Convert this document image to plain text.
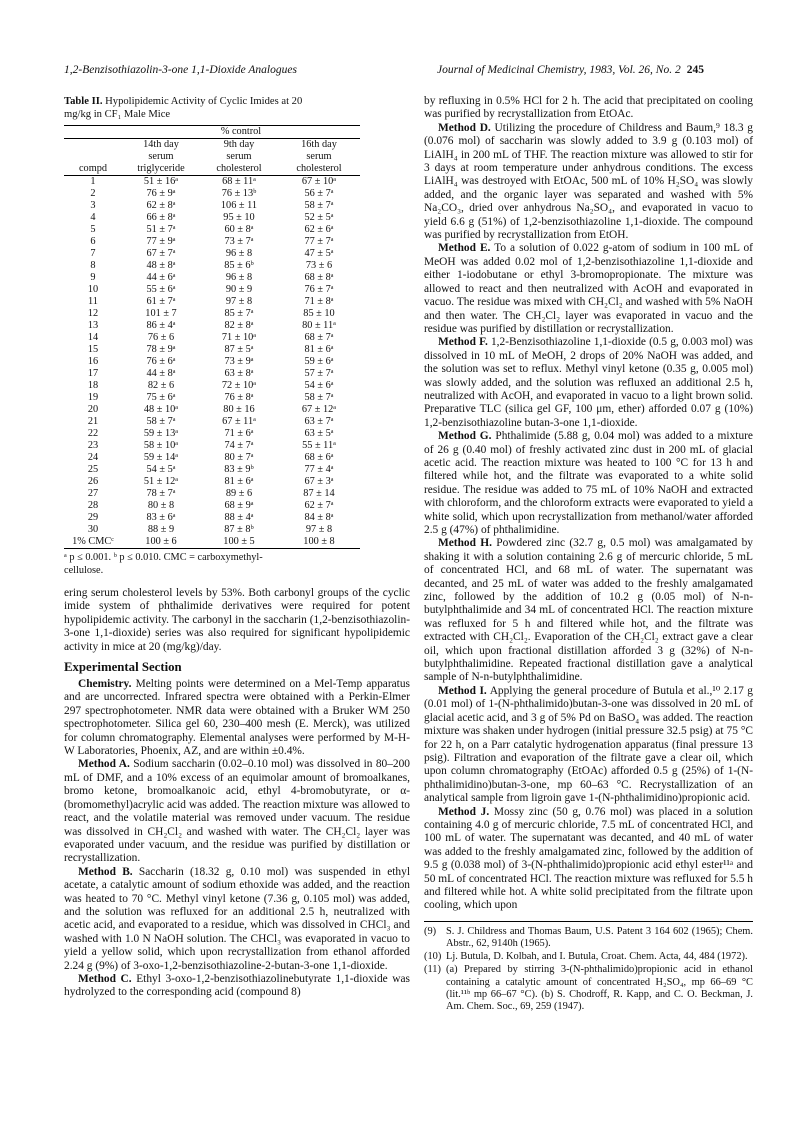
1,2-Benzisothiazolin-3-one 1,1-Dioxide Analogues	Journal of Medicinal Chemistry, 1983, Vol. 26, No. 2 245
Table II. Hypolipidemic Activity of Cyclic Imides at 20
mg/kg in CF₁ Male Mice

	% control		

	14th day	9th day	16th day
	serum	serum	serum
compd	triglyceride	cholesterol	cholesterol

1	51 ± 16ᵃ	68 ± 11ᵃ	67 ± 10ᵃ
2	76 ± 9ᵃ	76 ± 13ᵇ	56 ± 7ᵃ
3	62 ± 8ᵃ	106 ± 11	58 ± 7ᵃ
4	66 ± 8ᵃ	95 ± 10	52 ± 5ᵃ
5	51 ± 7ᵃ	60 ± 8ᵃ	62 ± 6ᵃ
6	77 ± 9ᵃ	73 ± 7ᵃ	77 ± 7ᵃ
7	67 ± 7ᵃ	96 ± 8	47 ± 5ᵃ
8	48 ± 8ᵃ	85 ± 6ᵇ	73 ± 6
9	44 ± 6ᵃ	96 ± 8	68 ± 8ᵃ
10	55 ± 6ᵃ	90 ± 9	76 ± 7ᵃ
11	61 ± 7ᵃ	97 ± 8	71 ± 8ᵃ
12	101 ± 7	85 ± 7ᵃ	85 ± 10
13	86 ± 4ᵃ	82 ± 8ᵃ	80 ± 11ᵃ
14	76 ± 6	71 ± 10ᵃ	68 ± 7ᵃ
15	78 ± 9ᵃ	87 ± 5ᵃ	81 ± 6ᵃ
16	76 ± 6ᵃ	73 ± 9ᵃ	59 ± 6ᵃ
17	44 ± 8ᵃ	63 ± 8ᵃ	57 ± 7ᵃ
18	82 ± 6	72 ± 10ᵃ	54 ± 6ᵃ
19	75 ± 6ᵃ	76 ± 8ᵃ	58 ± 7ᵃ
20	48 ± 10ᵃ	80 ± 16	67 ± 12ᵃ
21	58 ± 7ᵃ	67 ± 11ᵃ	63 ± 7ᵃ
22	59 ± 13ᵃ	71 ± 6ᵃ	63 ± 5ᵃ
23	58 ± 10ᵃ	74 ± 7ᵃ	55 ± 11ᵃ
24	59 ± 14ᵃ	80 ± 7ᵃ	68 ± 6ᵃ
25	54 ± 5ᵃ	83 ± 9ᵇ	77 ± 4ᵃ
26	51 ± 12ᵃ	81 ± 6ᵃ	67 ± 3ᵃ
27	78 ± 7ᵃ	89 ± 6	87 ± 14
28	80 ± 8	68 ± 9ᵃ	62 ± 7ᵃ
29	83 ± 6ᵃ	88 ± 4ᵃ	84 ± 8ᵃ
30	88 ± 9	87 ± 8ᵇ	97 ± 8
1% CMCᶜ	100 ± 6	100 ± 5	100 ± 8

ᵃ p ≤ 0.001. ᵇ p ≤ 0.010. CMC = carboxymethyl-
cellulose.

ering serum cholesterol levels by 53%. Both carbonyl groups of the cyclic imide system of phthalimide derivatives were required for potent hypolipidemic activity. The carbonyl in the saccharin (1,2-benzisothiazolin-3-one 1,1-dioxide) series was also required for significant hypolipidemic activity in mice at 20 (mg/kg)/day.

Experimental Section

Chemistry. Melting points were determined on a Mel-Temp apparatus and are uncorrected. Infrared spectra were obtained with a Perkin-Elmer 297 spectrophotometer. NMR data were obtained with a Bruker WM 250 spectrophotometer. Silica gel 60, 230–400 mesh (E. Merck), was utilized for column chromatography. Elemental analyses were performed by M-H-W Laboratories, Phoenix, AZ, and are within ±0.4%.

Method A. Sodium saccharin (0.02–0.10 mol) was dissolved in 80–200 mL of DMF, and a 10% excess of an equimolar amount of bromoalkanes, bromo ketone, bromoalkanoic acid, ethyl 4-bromobutyrate, or α-(bromomethyl)acrylic acid was added. The reaction mixture was allowed to react, and the volatile material was removed under vacuum. The residue was dissolved in CH₂Cl₂ and washed with water. The CH₂Cl₂ layer was evaporated under vacuum, and the residue was purified by distillation or recrystallization.

Method B. Saccharin (18.32 g, 0.10 mol) was suspended in ethyl acetate, a catalytic amount of sodium ethoxide was added, and the reaction was heated to 70 °C. Methyl vinyl ketone (7.36 g, 0.105 mol) was added, and the solution was refluxed for an additional 2.5 h, neutralized with acetic acid, and evaporated to a residue, which was dissolved in CHCl₃ and washed with 1.0 N NaOH solution. The CHCl₃ was evaporated in vacuo to yield a yellow solid, which upon recrystallization from ethanol afforded 2.24 g (9%) of 3-oxo-1,2-benzisothiazoline-2-butan-3-one 1,1-dioxide.

Method C. Ethyl 3-oxo-1,2-benzisothiazolinebutyrate 1,1-dioxide was hydrolyzed to the corresponding acid (compound 8)

by refluxing in 0.5% HCl for 2 h. The acid that precipitated on cooling was purified by recrystallization from EtOAc.

Method D. Utilizing the procedure of Childress and Baum,⁹ 18.3 g (0.076 mol) of saccharin was slowly added to 3.9 g (0.103 mol) of LiAlH₄ in 200 mL of THF. The reaction mixture was allowed to stir for 3 days at room temperature under anhydrous conditions. The excess LiAlH₄ was destroyed with EtOAc, 500 mL of 10% H₂SO₄ was slowly added, and the organic layer was separated and washed with 5% Na₂CO₃, dried over anhydrous Na₂SO₄, and evaporated in vacuo to yield 6.6 g (51%) of 1,2-benzisothiazoline 1,1-dioxide. The compound was purified by recrystallization from EtOH.

Method E. To a solution of 0.022 g-atom of sodium in 100 mL of MeOH was added 0.02 mol of 1,2-benzisothiazoline 1,1-dioxide and either 1-iodobutane or ethyl 3-bromopropionate. The mixture was allowed to react and then neutralized with AcOH and evaporated in vacuo. The residue was mixed with CH₂Cl₂ and washed with 5% NaOH and then water. The CH₂Cl₂ layer was evaporated in vacuo and the residue was purified by distillation or recrystallization.

Method F. 1,2-Benzisothiazoline 1,1-dioxide (0.5 g, 0.003 mol) was dissolved in 10 mL of MeOH, 2 drops of 20% NaOH was added, and the solution was set to reflux. Methyl vinyl ketone (0.35 g, 0.005 mol) was slowly added, and the solution was refluxed an additional 2.5 h, neutralized with AcOH, and evaporated in vacuo to a light brown solid. Preparative TLC (silica gel GF, 100 μm, ether) afforded 0.07 g (10%) 1,2-benzisothiazoline butan-3-one 1,1-dioxide.

Method G. Phthalimide (5.88 g, 0.04 mol) was added to a mixture of 26 g (0.40 mol) of freshly activated zinc dust in 200 mL of glacial acetic acid. The reaction mixture was heated to 100 °C for 13 h and filtered while hot, and the filtrate was evaporated to a white solid residue. The residue was added to 75 mL of 10% NaOH and extracted with chloroform, and the chloroform extracts were evaporated to yield a white solid, which upon recrystallization from methanol/water afforded 2.5 g (47%) of phthalimidine.

Method H. Powdered zinc (32.7 g, 0.5 mol) was amalgamated by shaking it with a solution containing 2.6 g of mercuric chloride, 5 mL of concentrated HCl, and 68 mL of water. The supernatant was decanted, and 25 mL of water was added to the freshly amalgamated zinc, followed by the addition of 10.2 g (0.05 mol) of N-n-butylphthalimide and 34 mL of concentrated HCl. The reaction mixture was refluxed for 5 h and filtered while hot, and the filtrate was extracted with CH₂Cl₂. Evaporation of the CH₂Cl₂ extract gave a clear oil, which upon fractional distillation afforded 3 g (32%) of N-n-butylphthalimidine. Repeated fractional distillation gave a analytical sample of N-n-butylphthalimidine.

Method I. Applying the general procedure of Butula et al.,¹⁰ 2.17 g (0.01 mol) of 1-(N-phthalimido)butan-3-one was dissolved in 20 mL of glacial acetic acid, and 3 g of 5% Pd on BaSO₄ was added. The reaction mixture was shaken under hydrogen (initial pressure 32.5 psig) at 75 °C for 22 h, on a Parr catalytic hydrogenation apparatus (final pressure 13 psig). Filtration and evaporation of the filtrate gave a clear oil, which upon column chromatography (EtOAc) afforded 0.5 g (25%) of 1-(N-phthalimidino)butan-3-one, mp 60–63 °C. Recrystallization of an analytical sample from ligroin gave 1-(N-phthalimidino)propionic acid.

Method J. Mossy zinc (50 g, 0.76 mol) was placed in a solution containing 4.0 g of mercuric chloride, 7.5 mL of concentrated HCl, and 100 mL of water. The supernatant was decanted, and 40 mL of water was added to the freshly amalgamated zinc, followed by the addition of 9.5 g (0.038 mol) of 3-(N-phthalimido)propionic acid ethyl ester¹¹ᵃ and 50 mL of concentrated HCl. The reaction mixture was refluxed for 5.5 h and filtered while hot. A white solid precipitated from the filtrate upon cooling, which upon

(9) S. J. Childress and Thomas Baum, U.S. Patent 3 164 602 (1965); Chem. Abstr., 62, 9140h (1965).
(10) Lj. Butula, D. Kolbah, and I. Butula, Croat. Chem. Acta, 44, 484 (1972).
(11) (a) Prepared by stirring 3-(N-phthalimido)propionic acid in ethanol containing a catalytic amount of concentrated H₂SO₄, mp 66–69 °C (lit.¹¹ᵇ mp 66–67 °C). (b) S. Chodroff, R. Kapp, and C. O. Beckman, J. Am. Chem. Soc., 69, 259 (1947).
